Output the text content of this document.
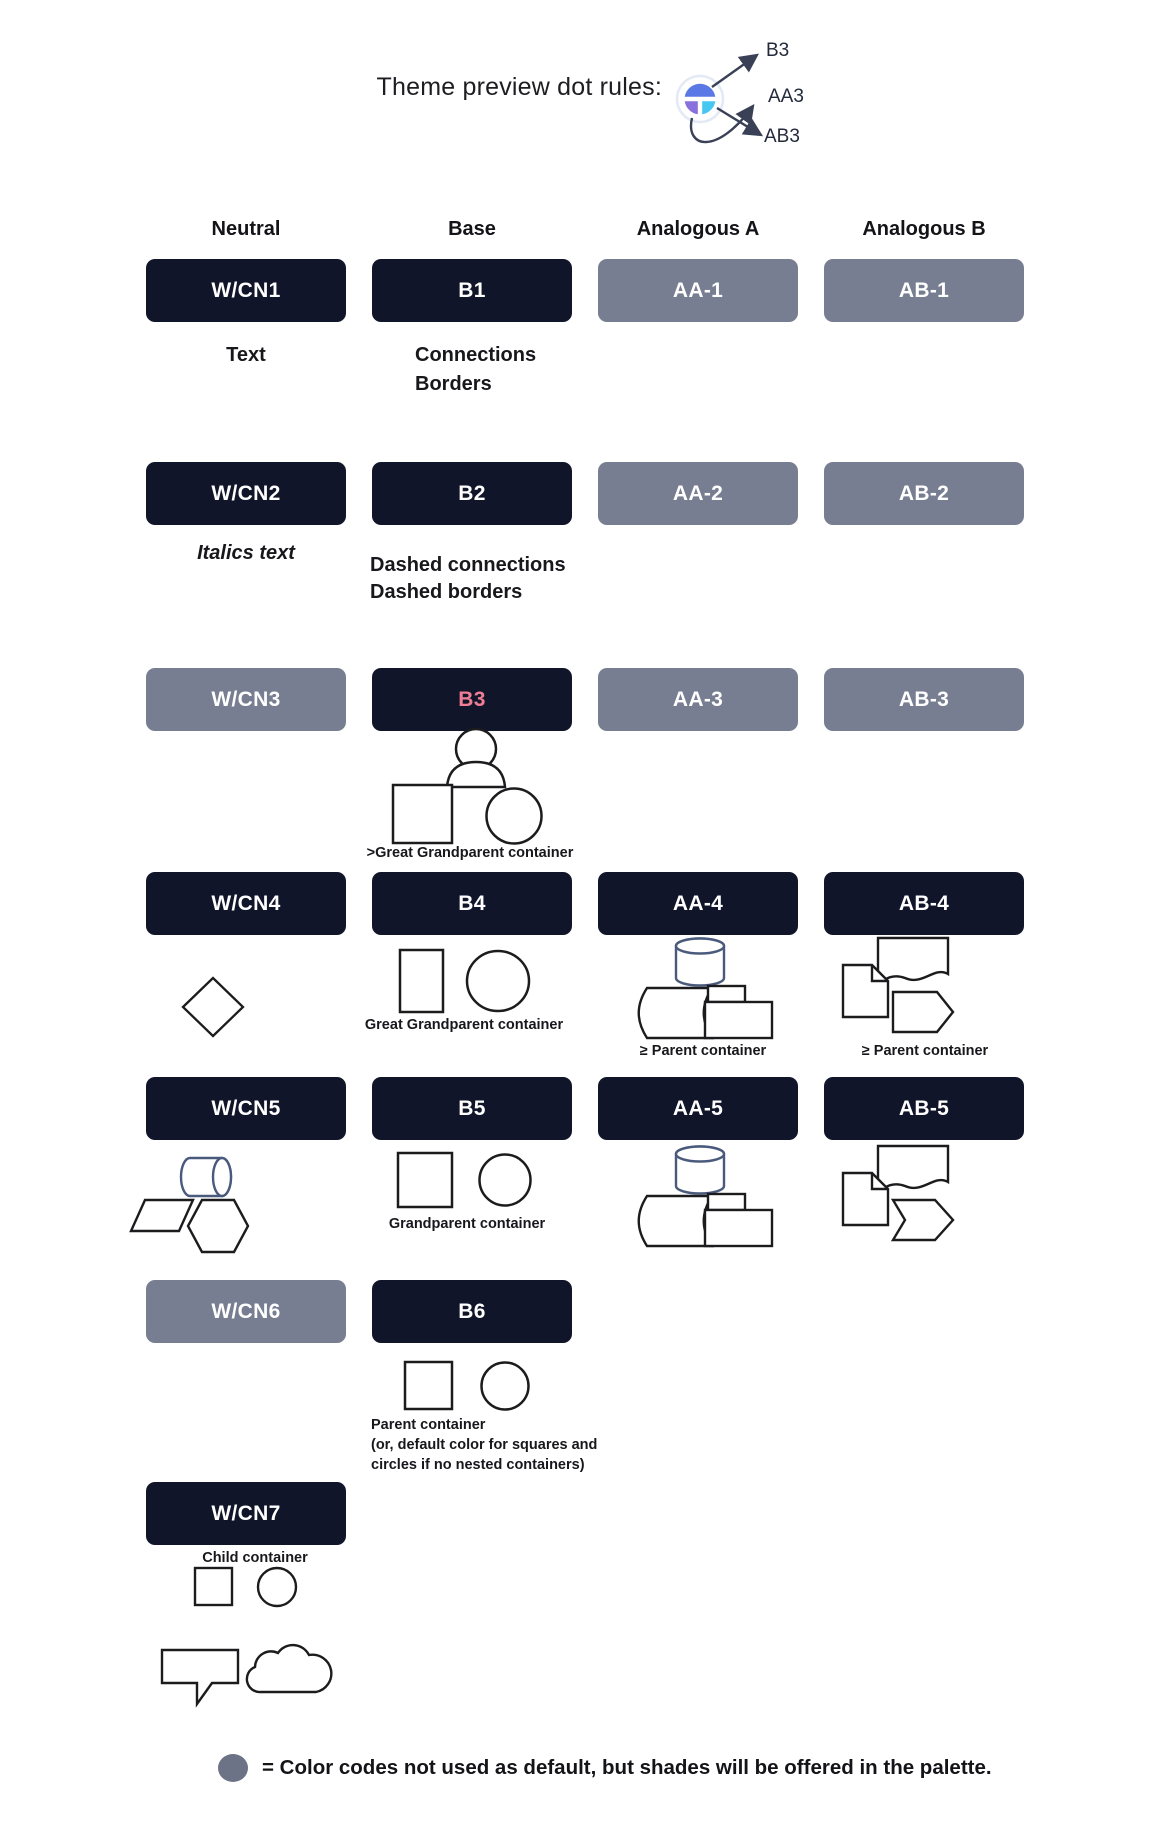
Theme preview dot rules:
B3
AA3
AB3
Neutral	Base	Analogous A	Analogous B
W/CN1	B1	AA-1	AB-1
Text	Connections
Borders
W/CN2	B2	AA-2	AB-2
Italics text
Dashed connections
Dashed borders
W/CN3	B3	AA-3	AB-3
>Great Grandparent container
W/CN4	B4	AA-4	AB-4
Great Grandparent container
≥ Parent container	≥ Parent container
W/CN5	B5	AA-5	AB-5
Grandparent container
W/CN6	B6
Parent container
(or, default color for squares and
circles if no nested containers)
W/CN7
Child container
= Color codes not used as default, but shades will be offered in the palette.
